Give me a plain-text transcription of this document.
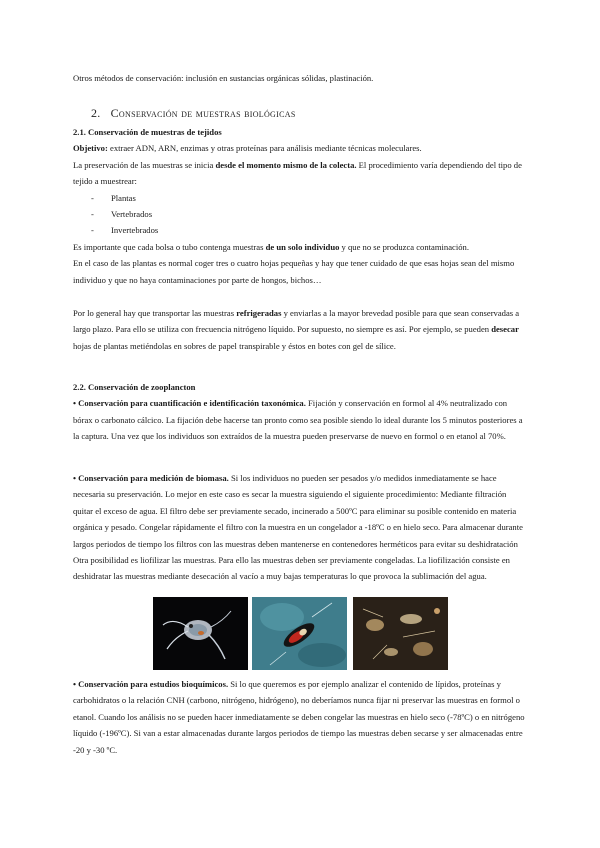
Otros métodos de conservación: inclusión en sustancias orgánicas sólidas, plastinación.

2. Conservación de muestras biológicas

2.1. Conservación de muestras de tejidos

Objetivo: extraer ADN, ARN, enzimas y otras proteínas para análisis mediante técnicas moleculares.

La preservación de las muestras se inicia desde el momento mismo de la colecta. El procedimiento varía dependiendo del tipo de tejido a muestrear:

- Plantas
- Vertebrados
- Invertebrados

Es importante que cada bolsa o tubo contenga muestras de un solo individuo y que no se produzca contaminación.

En el caso de las plantas es normal coger tres o cuatro hojas pequeñas y hay que tener cuidado de que esas hojas sean del mismo individuo y que no haya contaminaciones por parte de hongos, bichos…

Por lo general hay que transportar las muestras refrigeradas y enviarlas a la mayor brevedad posible para que sean conservadas a largo plazo. Para ello se utiliza con frecuencia nitrógeno líquido. Por supuesto, no siempre es así. Por ejemplo, se pueden desecar hojas de plantas metiéndolas en sobres de papel transpirable y éstos en botes con gel de sílice.

2.2. Conservación de zooplancton

• Conservación para cuantificación e identificación taxonómica. Fijación y conservación en formol al 4% neutralizado con bórax o carbonato cálcico. La fijación debe hacerse tan pronto como sea posible siendo lo ideal durante los 5 minutos posteriores a la captura. Una vez que los individuos son extraídos de la muestra pueden preservarse de nuevo en formol o en etanol al 70%.

• Conservación para medición de biomasa. Si los individuos no pueden ser pesados y/o medidos inmediatamente se hace necesaria su preservación. Lo mejor en este caso es secar la muestra siguiendo el siguiente procedimiento: Mediante filtración quitar el exceso de agua. El filtro debe ser previamente secado, incinerado a 500ºC para eliminar su posible contenido en materia orgánica y pesado. Congelar rápidamente el filtro con la muestra en un congelador a -18ºC o en hielo seco. Para almacenar durante largos periodos de tiempo los filtros con las muestras deben mantenerse en contenedores herméticos para evitar su deshidratación Otra posibilidad es liofilizar las muestras. Para ello las muestras deben ser previamente congeladas. La liofilización consiste en deshidratar las muestras mediante desecación al vacío a muy bajas temperaturas lo que provoca la sublimación del agua.

• Conservación para estudios bioquímicos. Si lo que queremos es por ejemplo analizar el contenido de lípidos, proteínas y carbohidratos o la relación CNH (carbono, nitrógeno, hidrógeno), no deberíamos nunca fijar ni preservar las muestras en formol o etanol. Cuando los análisis no se pueden hacer inmediatamente se deben congelar las muestras en hielo seco (-78ºC) o en nitrógeno líquido (-196ºC). Si van a estar almacenadas durante largos periodos de tiempo las muestras deben secarse y ser almacenadas entre -20 y -30 ºC.
